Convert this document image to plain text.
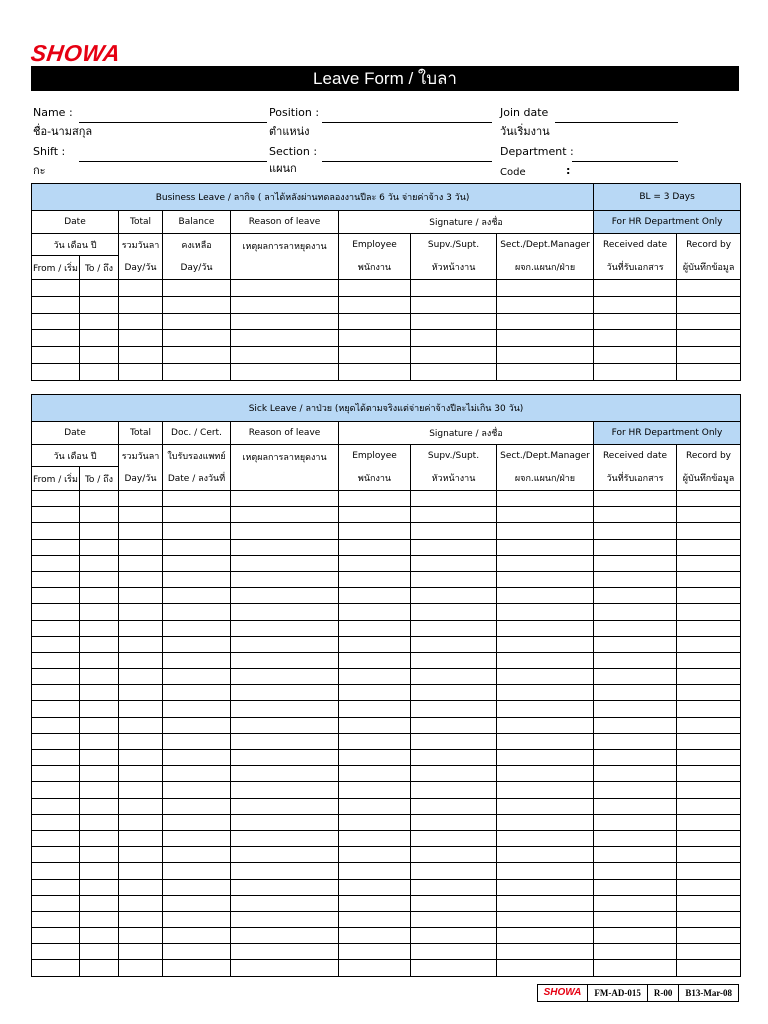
SHOWA
Leave Form / ใบลา
Name :
ชื่อ-นามสกุล
Shift :
กะ
Position :
ตำแหน่ง
Section :
แผนก
Join date
วันเริ่มงาน
Department :
Code	:
Business Leave / ลากิจ ( ลาได้หลังผ่านทดลองงานปีละ 6 วัน จ่ายค่าจ้าง 3 วัน)								BL = 3 Days	
Date		Total	Balance	Reason of leave	Signature / ลงชื่อ			For HR Department Only	
วัน เดือน ปี		รวมวันลา	คงเหลือ	เหตุผลการลาหยุดงาน	Employee	Supv./Supt.	Sect./Dept.Manager	Received date	Record by
From / เริ่ม	To / ถึง	Day/วัน	Day/วัน		พนักงาน	หัวหน้างาน	ผจก.แผนก/ฝ่าย	วันที่รับเอกสาร	ผู้บันทึกข้อมูล

Sick Leave / ลาป่วย (หยุดได้ตามจริงแต่จ่ายค่าจ้างปีละไม่เกิน 30 วัน)									
Date		Total	Doc. / Cert.	Reason of leave	Signature / ลงชื่อ			For HR Department Only	
วัน เดือน ปี		รวมวันลา	ใบรับรองแพทย์	เหตุผลการลาหยุดงาน	Employee	Supv./Supt.	Sect./Dept.Manager	Received date	Record by
From / เริ่ม	To / ถึง	Day/วัน	Date / ลงวันที่		พนักงาน	หัวหน้างาน	ผจก.แผนก/ฝ่าย	วันที่รับเอกสาร	ผู้บันทึกข้อมูล

SHOWA	FM-AD-015	R-00	B13-Mar-08
